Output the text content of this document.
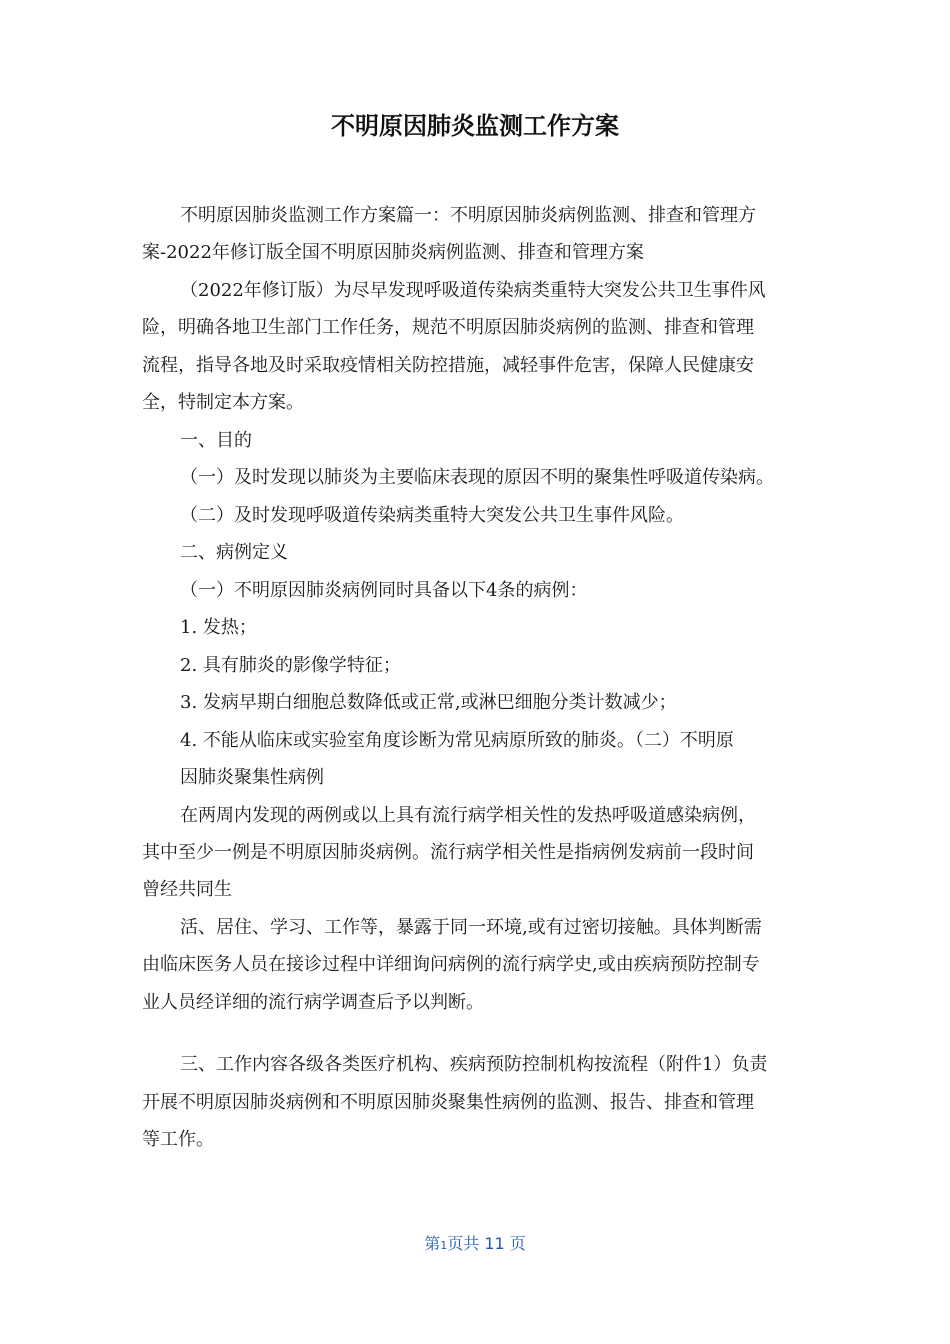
不明原因肺炎监测工作方案

不明原因肺炎监测工作方案篇一：不明原因肺炎病例监测、排查和管理方

案-2022年修订版全国不明原因肺炎病例监测、排查和管理方案

（2022年修订版）为尽早发现呼吸道传染病类重特大突发公共卫生事件风

险，明确各地卫生部门工作任务，规范不明原因肺炎病例的监测、排查和管理

流程，指导各地及时采取疫情相关防控措施，减轻事件危害，保障人民健康安

全，特制定本方案。

一、目的

（一）及时发现以肺炎为主要临床表现的原因不明的聚集性呼吸道传染病。

（二）及时发现呼吸道传染病类重特大突发公共卫生事件风险。

二、病例定义

（一）不明原因肺炎病例同时具备以下4条的病例：

1. 发热；

2. 具有肺炎的影像学特征；

3. 发病早期白细胞总数降低或正常,或淋巴细胞分类计数减少；

4. 不能从临床或实验室角度诊断为常见病原所致的肺炎。（二）不明原

因肺炎聚集性病例

在两周内发现的两例或以上具有流行病学相关性的发热呼吸道感染病例，

其中至少一例是不明原因肺炎病例。流行病学相关性是指病例发病前一段时间

曾经共同生

活、居住、学习、工作等，暴露于同一环境,或有过密切接触。具体判断需

由临床医务人员在接诊过程中详细询问病例的流行病学史,或由疾病预防控制专

业人员经详细的流行病学调查后予以判断。

三、工作内容各级各类医疗机构、疾病预防控制机构按流程（附件1）负责

开展不明原因肺炎病例和不明原因肺炎聚集性病例的监测、报告、排查和管理

等工作。

第1页共 11 页
